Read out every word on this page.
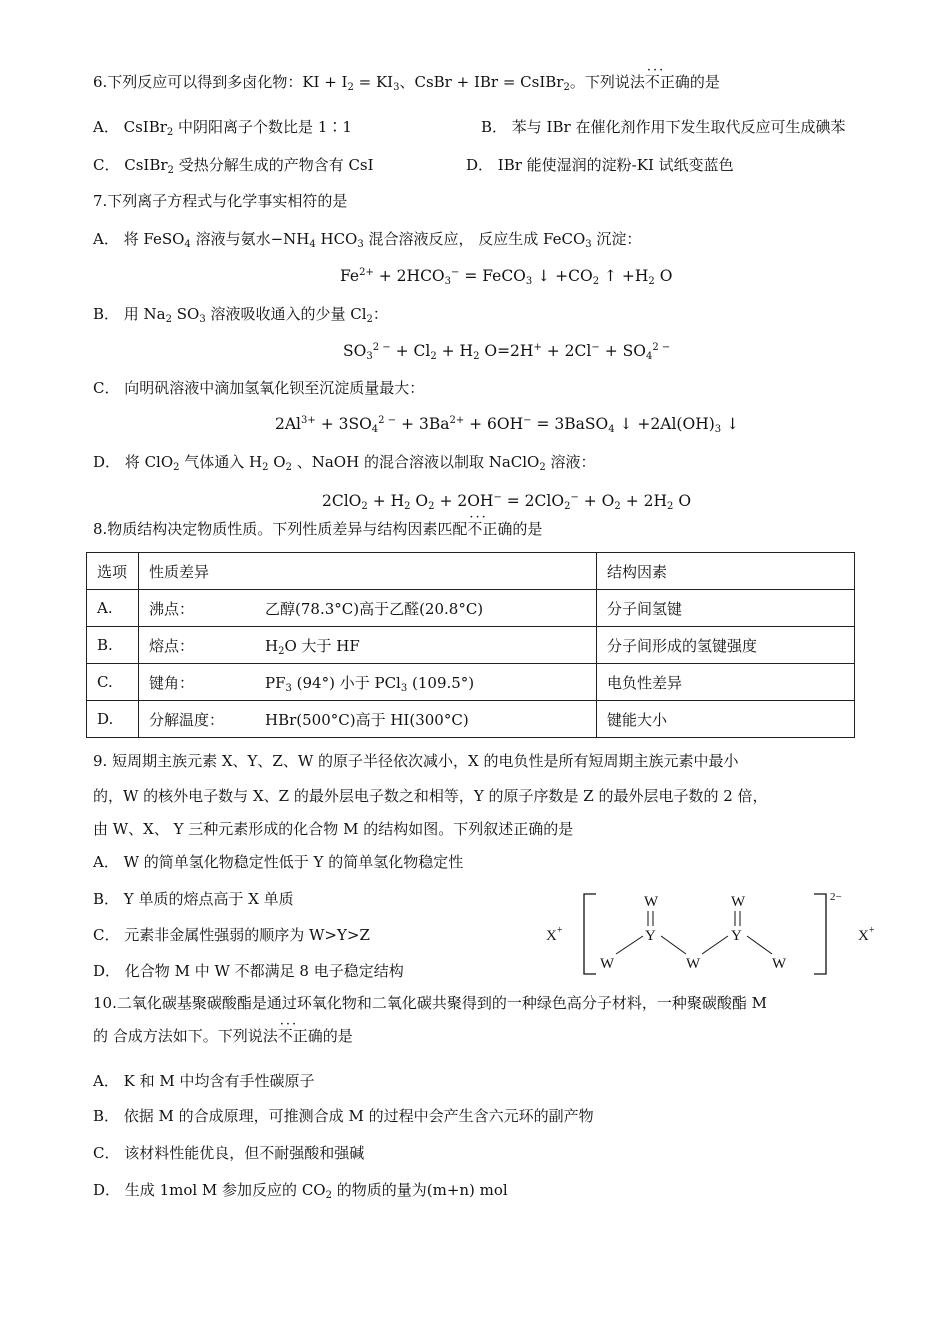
6.下列反应可以得到多卤化物：KI + $I_2 = KI_3$、CsBr + IBr = CsIBr$_2$。下列说法··· 不正确的是
A． CsIBr$_2$ 中阴阳离子个数比是 1∶1	B． 苯与 IBr 在催化剂作用下发生取代反应可生成碘苯
C． CsIBr$_2$ 受热分解生成的产物含有 CsI	D． IBr 能使湿润的淀粉-KI 试纸变蓝色
7.下列离子方程式与化学事实相符的是
A． 将 FeSO$_4$ 溶液与氨水$-NH_4$ $HCO_3$ 混合溶液反应， 反应生成 FeCO$_3$ 沉淀：
$Fe^{2+} + 2HCO_3^-$ = FeCO$_3$ ↓ $+CO_2$ ↑ $+H_2$ O
B． 用 $Na_2$ $SO_3$ 溶液吸收通入的少量 $Cl_2$：
$SO_3^{2 -} + Cl_2 + H_2$ $O=2H^+ + 2Cl^- + SO_4^{2 -}$
C． 向明矾溶液中滴加氢氧化钡至沉淀质量最大：
$2Al^{3+} + 3SO_4^{2 -} + 3Ba^{2+} + 6OH^-$ = 3BaSO$_4$ ↓ $+2Al(OH)_3$ ↓
D． 将 ClO$_2$ 气体通入 $H_2$ $O_2$ 、NaOH 的混合溶液以制取 NaClO$_2$ 溶液：
$2ClO_2 + H_2$ $O_2 + 2OH^- = 2ClO_2^- + O_2 + 2H_2$ O
8.物质结构决定物质性质。下列性质差异与结构因素匹配··· 不正确的是
选项	性质差异	结构因素
A.	沸点： 乙醇(78.3°C)高于乙醛(20.8°C)	分子间氢键
B.	熔点： $H_2O$ 大于 HF	分子间形成的氢键强度
C.	键角： $PF_3$ (94°) 小于 PCl$_3$ (109.5°)	电负性差异
D.	分解温度： HBr(500°C)高于 HI(300°C)	键能大小
9. 短周期主族元素 X、Y、Z、W 的原子半径依次减小，X 的电负性是所有短周期主族元素中最小
的，W 的核外电子数与 X、Z 的最外层电子数之和相等，Y 的原子序数是 Z 的最外层电子数的 2 倍，
由 W、X、 Y 三种元素形成的化合物 M 的结构如图。下列叙述正确的是
A． W 的简单氢化物稳定性低于 Y 的简单氢化物稳定性
B． Y 单质的熔点高于 X 单质
C． 元素非金属性强弱的顺序为 W>Y>Z
D． 化合物 M 中 W 不都满足 8 电子稳定结构
X+
2−
X+
W
Y
W	W
Y
W
W
10.二氧化碳基聚碳酸酯是通过环氧化物和二氧化碳共聚得到的一种绿色高分子材料，一种聚碳酸酯 M
的 合成方法如下。下列说法··· 不正确的是
A． K 和 M 中均含有手性碳原子
B． 依据 M 的合成原理，可推测合成 M 的过程中会产生含六元环的副产物
C． 该材料性能优良，但不耐强酸和强碱
D． 生成 1mol M 参加反应的 $CO_2$ 的物质的量为(m+n) mol
